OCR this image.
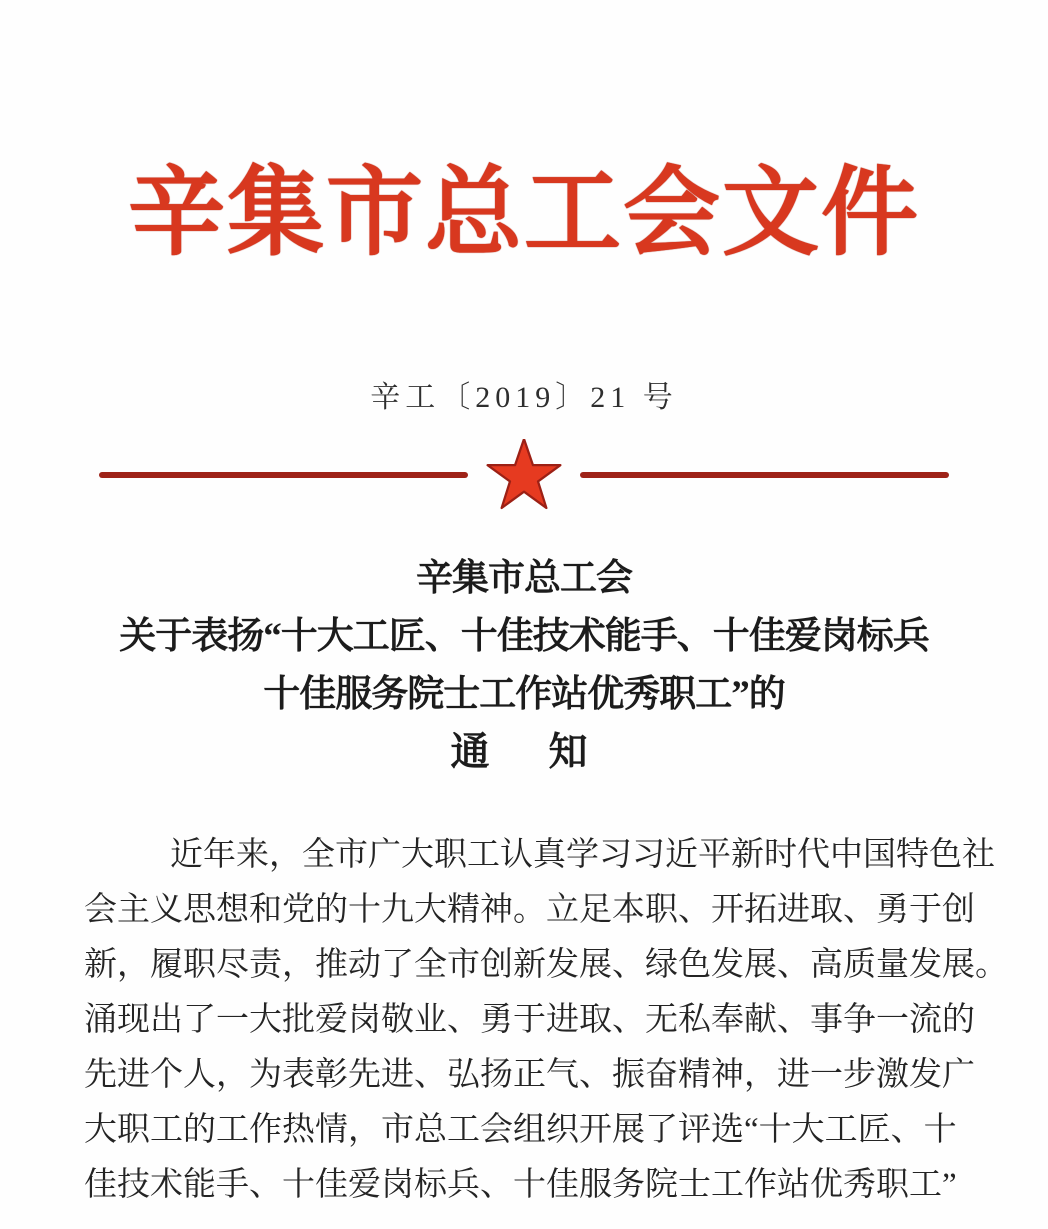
辛集市总工会文件
辛工〔2019〕21 号
辛集市总工会
关于表扬“十大工匠、十佳技术能手、十佳爱岗标兵
十佳服务院士工作站优秀职工”的
通　知
近年来，全市广大职工认真学习习近平新时代中国特色社
会主义思想和党的十九大精神。立足本职、开拓进取、勇于创
新，履职尽责，推动了全市创新发展、绿色发展、高质量发展。
涌现出了一大批爱岗敬业、勇于进取、无私奉献、事争一流的
先进个人，为表彰先进、弘扬正气、振奋精神，进一步激发广
大职工的工作热情，市总工会组织开展了评选“十大工匠、十
佳技术能手、十佳爱岗标兵、十佳服务院士工作站优秀职工”
